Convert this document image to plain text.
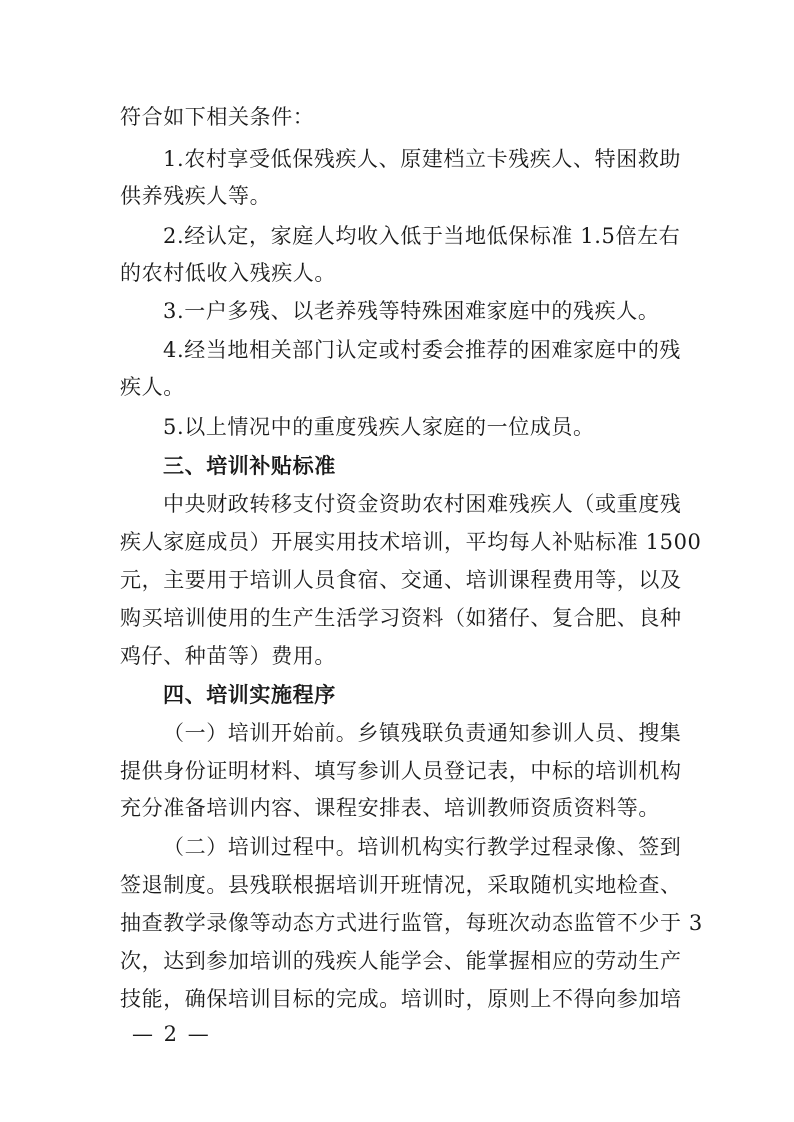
符合如下相关条件：
1.农村享受低保残疾人、原建档立卡残疾人、特困救助
供养残疾人等。
2.经认定，家庭人均收入低于当地低保标准 1.5倍左右
的农村低收入残疾人。
3.一户多残、以老养残等特殊困难家庭中的残疾人。
4.经当地相关部门认定或村委会推荐的困难家庭中的残
疾人。
5.以上情况中的重度残疾人家庭的一位成员。
三、培训补贴标准
中央财政转移支付资金资助农村困难残疾人（或重度残
疾人家庭成员）开展实用技术培训，平均每人补贴标准 1500
元，主要用于培训人员食宿、交通、培训课程费用等，以及
购买培训使用的生产生活学习资料（如猪仔、复合肥、良种
鸡仔、种苗等）费用。
四、培训实施程序
（一）培训开始前。乡镇残联负责通知参训人员、搜集
提供身份证明材料、填写参训人员登记表，中标的培训机构
充分准备培训内容、课程安排表、培训教师资质资料等。
（二）培训过程中。培训机构实行教学过程录像、签到
签退制度。县残联根据培训开班情况，采取随机实地检查、
抽查教学录像等动态方式进行监管，每班次动态监管不少于 3
次，达到参加培训的残疾人能学会、能掌握相应的劳动生产
技能，确保培训目标的完成。培训时，原则上不得向参加培
— 2 —
